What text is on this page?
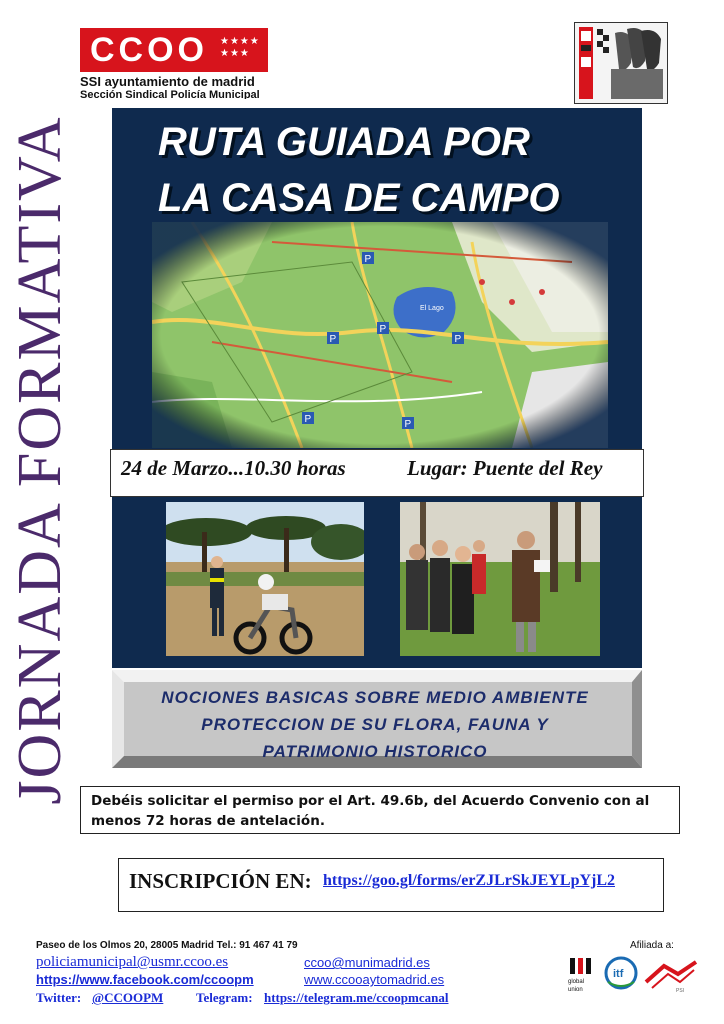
CCOO ★★★★ ★★★
SSI ayuntamiento de madrid
Sección Sindical Policía Municipal
JORNADA FORMATIVA RUTA GUIADA POR
LA CASA DE CAMPO
24 de Marzo...10.30 horas	Lugar: Puente del Rey
NOCIONES BASICAS SOBRE MEDIO AMBIENTE
PROTECCION DE SU FLORA, FAUNA Y
PATRIMONIO HISTORICO
Debéis solicitar el permiso por el Art. 49.6b, del Acuerdo Convenio con al menos 72 horas de antelación.
INSCRIPCIÓN EN: https://goo.gl/forms/erZJLrSkJEYLpYjL2
Paseo de los Olmos 20, 28005 Madrid Tel.: 91 467 41 79	Afiliada a:
policiamunicipal@usmr.ccoo.es	ccoo@munimadrid.es
https://www.facebook.com/ccoopm	www.ccooaytomadrid.es
Twitter: @CCOOPM	Telegram: https://telegram.me/ccoopmcanal
global
union
itf
PSI
